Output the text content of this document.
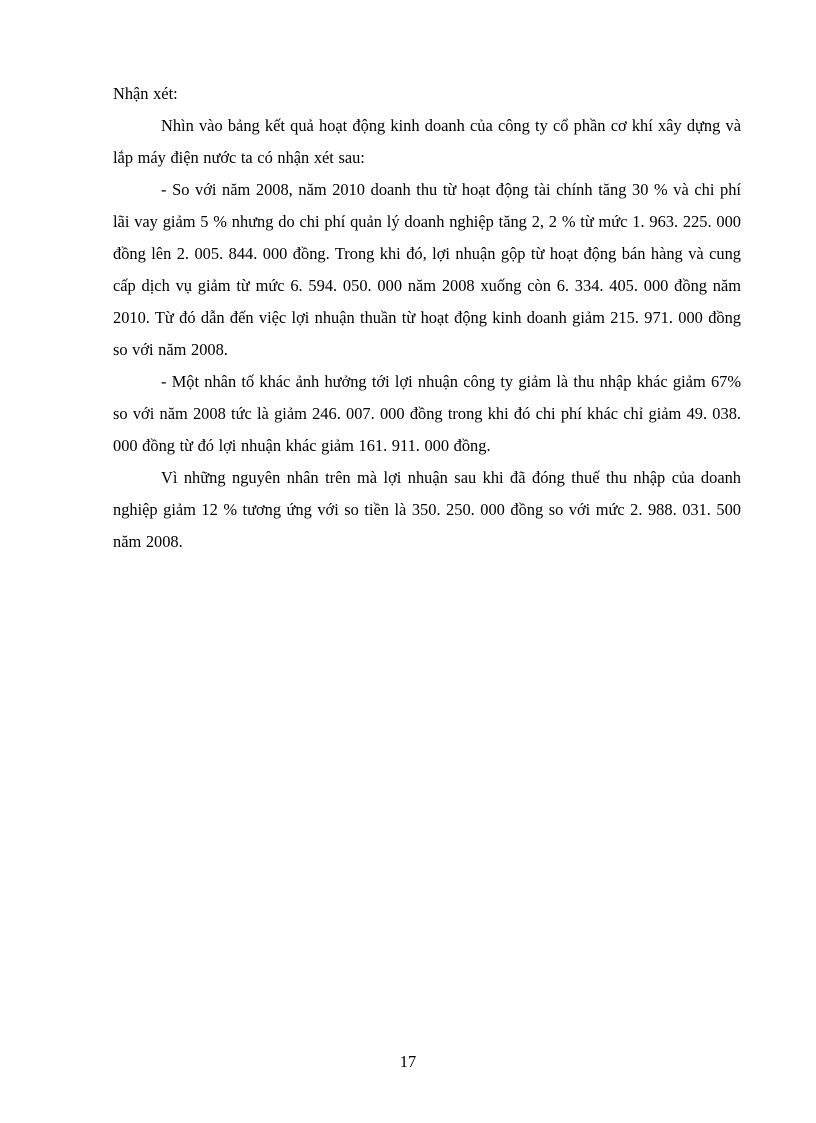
Nhận xét:

Nhìn vào bảng kết quả hoạt động kinh doanh của công ty cổ phần cơ khí xây dựng và lắp máy điện nước ta có nhận xét sau:

- So với năm 2008, năm 2010 doanh thu từ hoạt động tài chính tăng 30 % và chi phí lãi vay giảm 5 % nhưng do chi phí quản lý doanh nghiệp tăng 2, 2 % từ mức 1. 963. 225. 000 đồng lên 2. 005. 844. 000 đồng. Trong khi đó, lợi nhuận gộp từ hoạt động bán hàng và cung cấp dịch vụ giảm từ mức 6. 594. 050. 000 năm 2008 xuống còn 6. 334. 405. 000 đồng năm 2010. Từ đó dẫn đến việc lợi nhuận thuần từ hoạt động kinh doanh giảm 215. 971. 000 đồng so với năm 2008.

- Một nhân tố khác ảnh hưởng tới lợi nhuận công ty giảm là thu nhập khác giảm 67% so với năm 2008 tức là giảm 246. 007. 000 đồng trong khi đó chi phí khác chỉ giảm 49. 038. 000 đồng từ đó lợi nhuận khác giảm 161. 911. 000 đồng.

Vì những nguyên nhân trên mà lợi nhuận sau khi đã đóng thuế thu nhập của doanh nghiệp giảm 12 % tương ứng với so tiền là 350. 250. 000 đồng so với mức 2. 988. 031. 500 năm 2008.

17
